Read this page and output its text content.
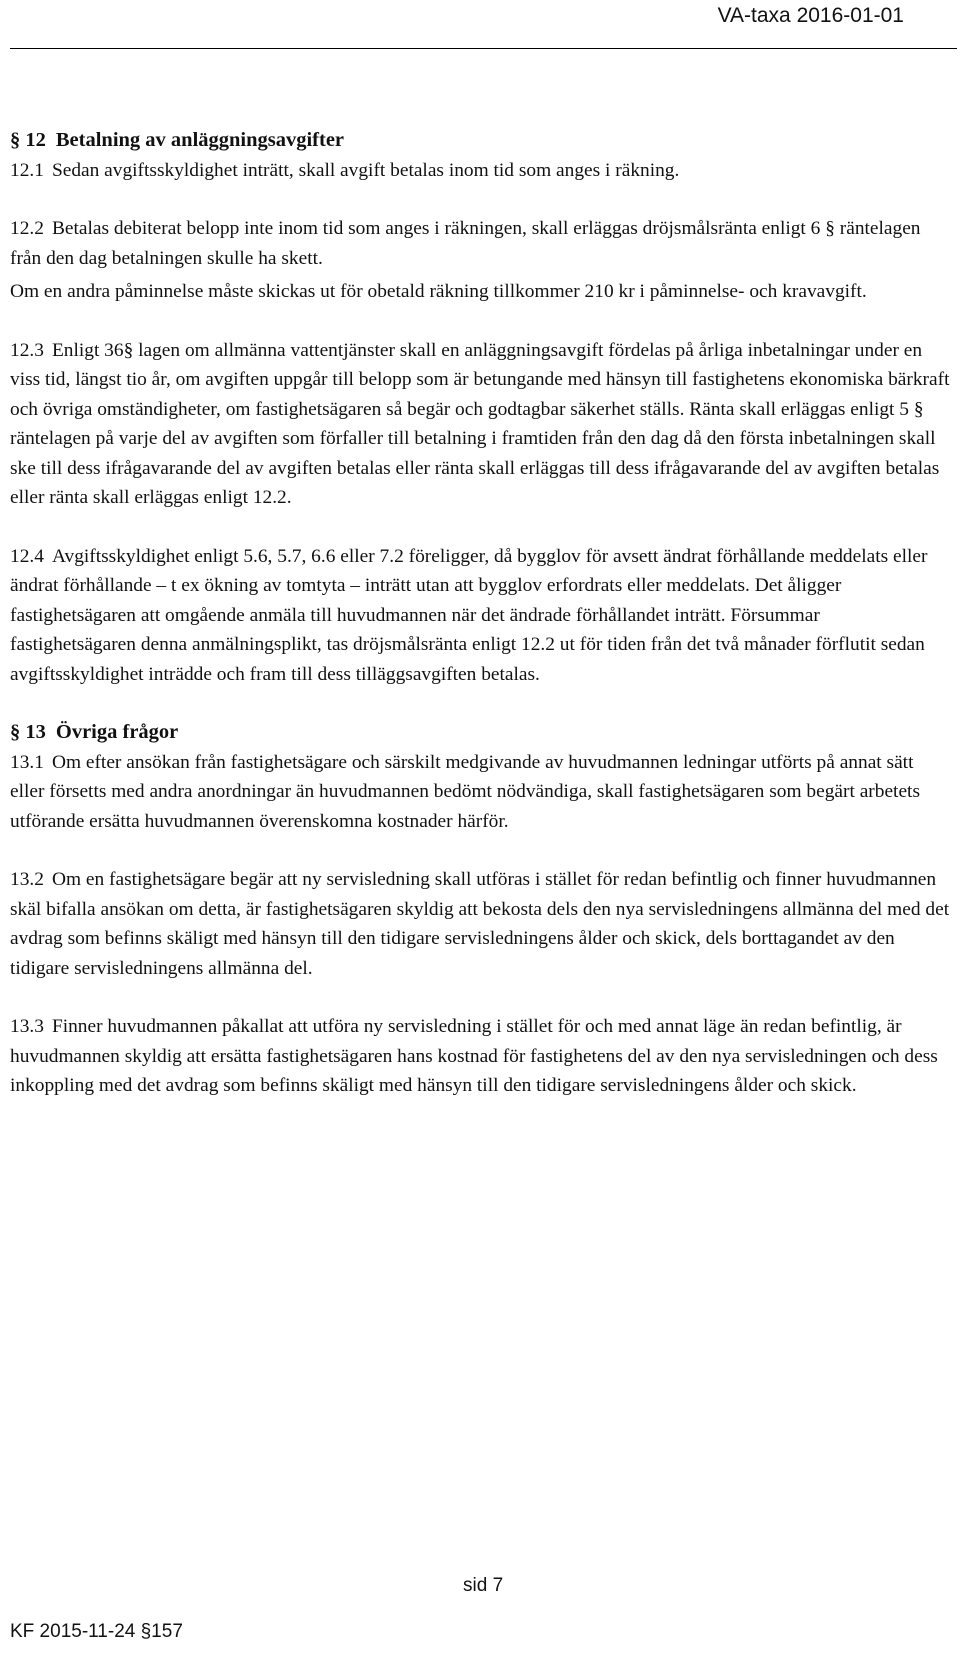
VA-taxa 2016-01-01
§ 12 Betalning av anläggningsavgifter

12.1 Sedan avgiftsskyldighet inträtt, skall avgift betalas inom tid som anges i räkning.

12.2 Betalas debiterat belopp inte inom tid som anges i räkningen, skall erläggas dröjsmålsränta enligt 6 § räntelagen från den dag betalningen skulle ha skett.

Om en andra påminnelse måste skickas ut för obetald räkning tillkommer 210 kr i påminnelse- och kravavgift.

12.3 Enligt 36§ lagen om allmänna vattentjänster skall en anläggningsavgift fördelas på årliga inbetalningar under en viss tid, längst tio år, om avgiften uppgår till belopp som är betungande med hänsyn till fastighetens ekonomiska bärkraft och övriga omständigheter, om fastighetsägaren så begär och godtagbar säkerhet ställs. Ränta skall erläggas enligt 5 § räntelagen på varje del av avgiften som förfaller till betalning i framtiden från den dag då den första inbetalningen skall ske till dess ifrågavarande del av avgiften betalas eller ränta skall erläggas till dess ifrågavarande del av avgiften betalas eller ränta skall erläggas enligt 12.2.

12.4 Avgiftsskyldighet enligt 5.6, 5.7, 6.6 eller 7.2 föreligger, då bygglov för avsett ändrat förhållande meddelats eller ändrat förhållande – t ex ökning av tomtyta – inträtt utan att bygglov erfordrats eller meddelats. Det åligger fastighetsägaren att omgående anmäla till huvudmannen när det ändrade förhållandet inträtt. Försummar fastighetsägaren denna anmälningsplikt, tas dröjsmålsränta enligt 12.2 ut för tiden från det två månader förflutit sedan avgiftsskyldighet inträdde och fram till dess tilläggsavgiften betalas.

§ 13 Övriga frågor

13.1 Om efter ansökan från fastighetsägare och särskilt medgivande av huvudmannen ledningar utförts på annat sätt eller försetts med andra anordningar än huvudmannen bedömt nödvändiga, skall fastighetsägaren som begärt arbetets utförande ersätta huvudmannen överenskomna kostnader härför.

13.2 Om en fastighetsägare begär att ny servisledning skall utföras i stället för redan befintlig och finner huvudmannen skäl bifalla ansökan om detta, är fastighetsägaren skyldig att bekosta dels den nya servisledningens allmänna del med det avdrag som befinns skäligt med hänsyn till den tidigare servisledningens ålder och skick, dels borttagandet av den tidigare servisledningens allmänna del.

13.3 Finner huvudmannen påkallat att utföra ny servisledning i stället för och med annat läge än redan befintlig, är huvudmannen skyldig att ersätta fastighetsägaren hans kostnad för fastighetens del av den nya servisledningen och dess inkoppling med det avdrag som befinns skäligt med hänsyn till den tidigare servisledningens ålder och skick.

sid 7
KF 2015-11-24 §157
